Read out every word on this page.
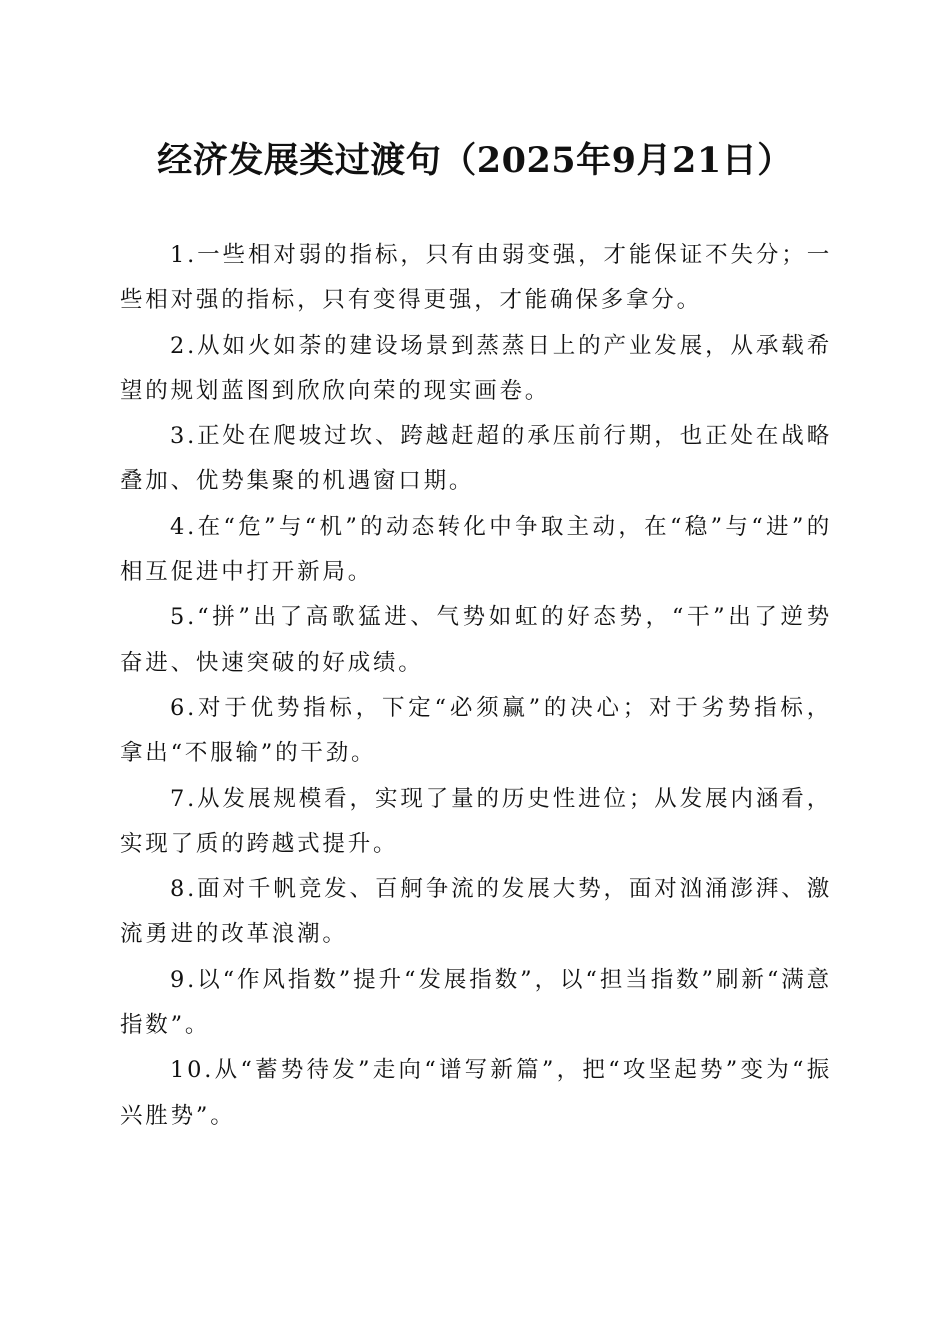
经济发展类过渡句（2025年9月21日）

1.一些相对弱的指标，只有由弱变强，才能保证不失分；一些相对强的指标，只有变得更强，才能确保多拿分。

2.从如火如荼的建设场景到蒸蒸日上的产业发展，从承载希望的规划蓝图到欣欣向荣的现实画卷。

3.正处在爬坡过坎、跨越赶超的承压前行期，也正处在战略叠加、优势集聚的机遇窗口期。

4.在“危”与“机”的动态转化中争取主动，在“稳”与“进”的相互促进中打开新局。

5.“拼”出了高歌猛进、气势如虹的好态势，“干”出了逆势奋进、快速突破的好成绩。

6.对于优势指标，下定“必须赢”的决心；对于劣势指标，拿出“不服输”的干劲。

7.从发展规模看，实现了量的历史性进位；从发展内涵看，实现了质的跨越式提升。

8.面对千帆竞发、百舸争流的发展大势，面对汹涌澎湃、激流勇进的改革浪潮。

9.以“作风指数”提升“发展指数”，以“担当指数”刷新“满意指数”。

10.从“蓄势待发”走向“谱写新篇”，把“攻坚起势”变为“振兴胜势”。
